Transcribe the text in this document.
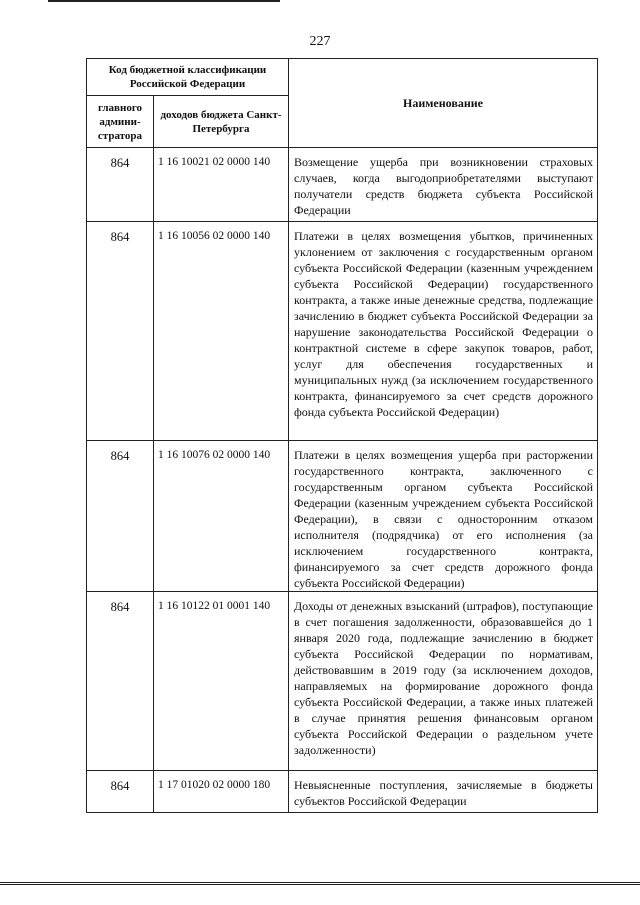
227
Код бюджетной классификации Российской Федерации		Наименование
главного админи-стратора	доходов бюджета Санкт-Петербурга	
864	1 16 10021 02 0000 140	Возмещение ущерба при возникновении страховых случаев, когда выгодоприобретателями выступают получатели средств бюджета субъекта Российской Федерации
864	1 16 10056 02 0000 140	Платежи в целях возмещения убытков, причиненных уклонением от заключения с государственным органом субъекта Российской Федерации (казенным учреждением субъекта Российской Федерации) государственного контракта, а также иные денежные средства, подлежащие зачислению в бюджет субъекта Российской Федерации за нарушение законодательства Российской Федерации о контрактной системе в сфере закупок товаров, работ, услуг для обеспечения государственных и муниципальных нужд (за исключением государственного контракта, финансируемого за счет средств дорожного фонда субъекта Российской Федерации)
864	1 16 10076 02 0000 140	Платежи в целях возмещения ущерба при расторжении государственного контракта, заключенного с государственным органом субъекта Российской Федерации (казенным учреждением субъекта Российской Федерации), в связи с односторонним отказом исполнителя (подрядчика) от его исполнения (за исключением государственного контракта, финансируемого за счет средств дорожного фонда субъекта Российской Федерации)
864	1 16 10122 01 0001 140	Доходы от денежных взысканий (штрафов), поступающие в счет погашения задолженности, образовавшейся до 1 января 2020 года, подлежащие зачислению в бюджет субъекта Российской Федерации по нормативам, действовавшим в 2019 году (за исключением доходов, направляемых на формирование дорожного фонда субъекта Российской Федерации, а также иных платежей в случае принятия решения финансовым органом субъекта Российской Федерации о раздельном учете задолженности)
864	1 17 01020 02 0000 180	Невыясненные поступления, зачисляемые в бюджеты субъектов Российской Федерации
